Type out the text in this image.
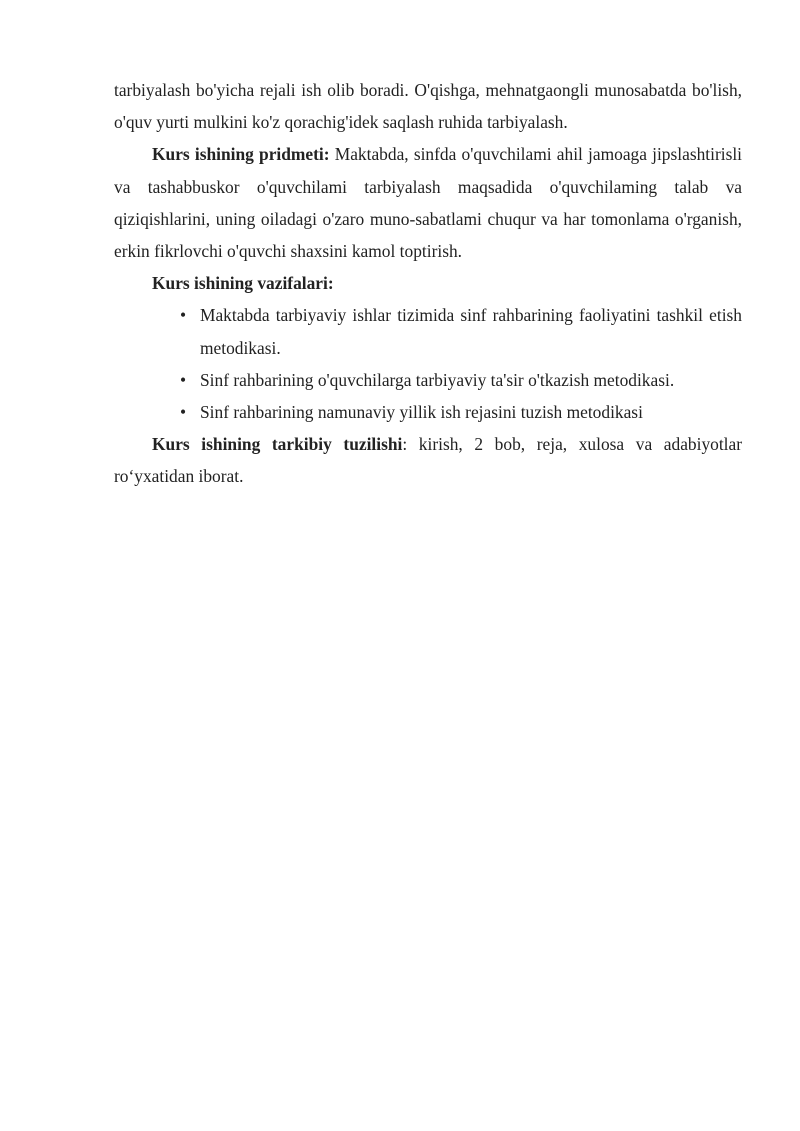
tarbiyalash bo'yicha rejali ish olib boradi. O'qishga, mehnatgaongli munosabatda bo'lish, o'quv yurti mulkini ko'z qorachig'idek saqlash ruhida tarbiyalash.

Kurs ishining pridmeti: Maktabda, sinfda o'quvchilami ahil jamoaga jipslashtirisli va tashabbuskor o'quvchilami tarbiyalash maqsadida o'quvchilaming talab va qiziqishlarini, uning oiladagi o'zaro muno-sabatlami chuqur va har tomonlama o'rganish, erkin fikrlovchi o'quvchi shaxsini kamol toptirish.

Kurs ishining vazifalari:

• Maktabda tarbiyaviy ishlar tizimida sinf rahbarining faoliyatini tashkil etish metodikasi.
• Sinf rahbarining o'quvchilarga tarbiyaviy ta'sir o'tkazish metodikasi.
• Sinf rahbarining namunaviy yillik ish rejasini tuzish metodikasi

Kurs ishining tarkibiy tuzilishi: kirish, 2 bob, reja, xulosa va adabiyotlar ro‘yxatidan iborat.
